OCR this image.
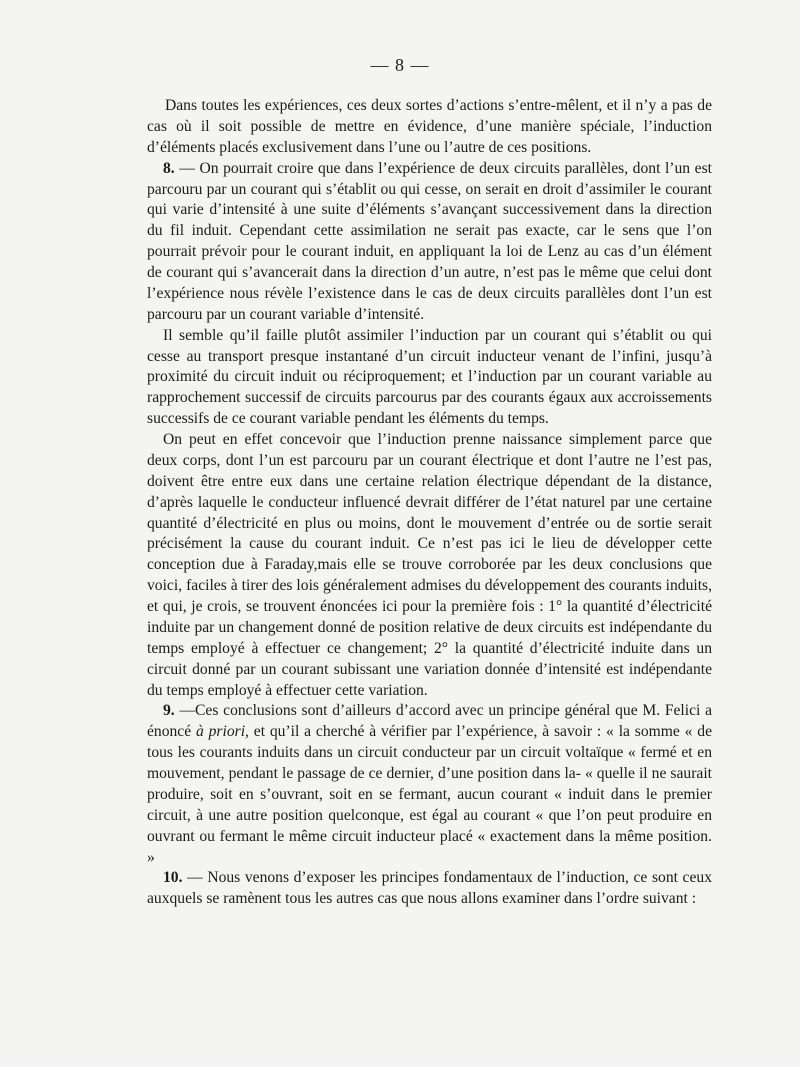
— 8 —

Dans toutes les expériences, ces deux sortes d’actions s’entre-mêlent, et il n’y a pas de cas où il soit possible de mettre en évidence, d’une manière spéciale, l’induction d’éléments placés exclusivement dans l’une ou l’autre de ces positions.

8. — On pourrait croire que dans l’expérience de deux circuits parallèles, dont l’un est parcouru par un courant qui s’établit ou qui cesse, on serait en droit d’assimiler le courant qui varie d’intensité à une suite d’éléments s’avançant successivement dans la direction du fil induit. Cependant cette assimilation ne serait pas exacte, car le sens que l’on pourrait prévoir pour le courant induit, en appliquant la loi de Lenz au cas d’un élément de courant qui s’avancerait dans la direction d’un autre, n’est pas le même que celui dont l’expérience nous révèle l’existence dans le cas de deux circuits parallèles dont l’un est parcouru par un courant variable d’intensité.

Il semble qu’il faille plutôt assimiler l’induction par un courant qui s’établit ou qui cesse au transport presque instantané d’un circuit inducteur venant de l’infini, jusqu’à proximité du circuit induit ou réciproquement; et l’induction par un courant variable au rapprochement successif de circuits parcourus par des courants égaux aux accroissements successifs de ce courant variable pendant les éléments du temps.

On peut en effet concevoir que l’induction prenne naissance simplement parce que deux corps, dont l’un est parcouru par un courant électrique et dont l’autre ne l’est pas, doivent être entre eux dans une certaine relation électrique dépendant de la distance, d’après laquelle le conducteur influencé devrait différer de l’état naturel par une certaine quantité d’électricité en plus ou moins, dont le mouvement d’entrée ou de sortie serait précisément la cause du courant induit. Ce n’est pas ici le lieu de développer cette conception due à Faraday,mais elle se trouve corroborée par les deux conclusions que voici, faciles à tirer des lois généralement admises du développement des courants induits, et qui, je crois, se trouvent énoncées ici pour la première fois : 1° la quantité d’électricité induite par un changement donné de position relative de deux circuits est indépendante du temps employé à effectuer ce changement; 2° la quantité d’électricité induite dans un circuit donné par un courant subissant une variation donnée d’intensité est indépendante du temps employé à effectuer cette variation.

9. —Ces conclusions sont d’ailleurs d’accord avec un principe général que M. Felici a énoncé à priori, et qu’il a cherché à vérifier par l’expérience, à savoir : « la somme « de tous les courants induits dans un circuit conducteur par un circuit voltaïque « fermé et en mouvement, pendant le passage de ce dernier, d’une position dans la- « quelle il ne saurait produire, soit en s’ouvrant, soit en se fermant, aucun courant « induit dans le premier circuit, à une autre position quelconque, est égal au courant « que l’on peut produire en ouvrant ou fermant le même circuit inducteur placé « exactement dans la même position. »

10. — Nous venons d’exposer les principes fondamentaux de l’induction, ce sont ceux auxquels se ramènent tous les autres cas que nous allons examiner dans l’ordre suivant :
